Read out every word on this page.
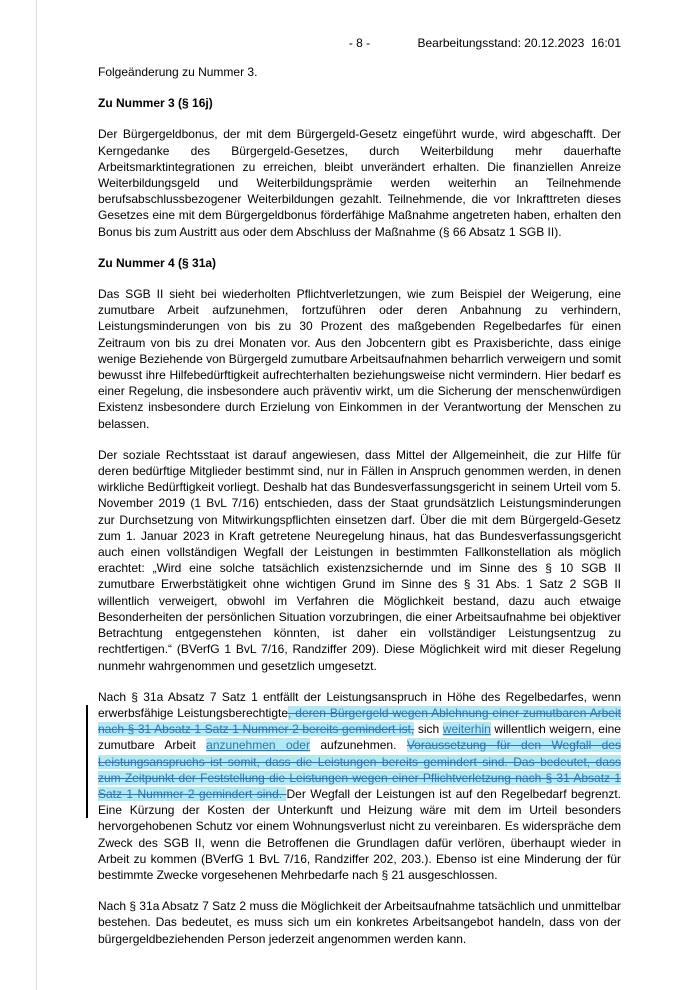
- 8 -	Bearbeitungsstand: 20.12.2023  16:01
Folgeänderung zu Nummer 3.
Zu Nummer 3 (§ 16j)
Der Bürgergeldbonus, der mit dem Bürgergeld-Gesetz eingeführt wurde, wird abgeschafft. Der Kerngedanke des Bürgergeld-Gesetzes, durch Weiterbildung mehr dauerhafte Arbeitsmarktintegrationen zu erreichen, bleibt unverändert erhalten. Die finanziellen Anreize Weiterbildungsgeld und Weiterbildungsprämie werden weiterhin an Teilnehmende berufsabschlussbezogener Weiterbildungen gezahlt. Teilnehmende, die vor Inkrafttreten dieses Gesetzes eine mit dem Bürgergeldbonus förderfähige Maßnahme angetreten haben, erhalten den Bonus bis zum Austritt aus oder dem Abschluss der Maßnahme (§ 66 Absatz 1 SGB II).
Zu Nummer 4 (§ 31a)
Das SGB II sieht bei wiederholten Pflichtverletzungen, wie zum Beispiel der Weigerung, eine zumutbare Arbeit aufzunehmen, fortzuführen oder deren Anbahnung zu verhindern, Leistungsminderungen von bis zu 30 Prozent des maßgebenden Regelbedarfes für einen Zeitraum von bis zu drei Monaten vor. Aus den Jobcentern gibt es Praxisberichte, dass einige wenige Beziehende von Bürgergeld zumutbare Arbeitsaufnahmen beharrlich verweigern und somit bewusst ihre Hilfebedürftigkeit aufrechterhalten beziehungsweise nicht vermindern. Hier bedarf es einer Regelung, die insbesondere auch präventiv wirkt, um die Sicherung der menschenwürdigen Existenz insbesondere durch Erzielung von Einkommen in der Verantwortung der Menschen zu belassen.
Der soziale Rechtsstaat ist darauf angewiesen, dass Mittel der Allgemeinheit, die zur Hilfe für deren bedürftige Mitglieder bestimmt sind, nur in Fällen in Anspruch genommen werden, in denen wirkliche Bedürftigkeit vorliegt. Deshalb hat das Bundesverfassungsgericht in seinem Urteil vom 5. November 2019 (1 BvL 7/16) entschieden, dass der Staat grundsätzlich Leistungsminderungen zur Durchsetzung von Mitwirkungspflichten einsetzen darf. Über die mit dem Bürgergeld-Gesetz zum 1. Januar 2023 in Kraft getretene Neuregelung hinaus, hat das Bundesverfassungsgericht auch einen vollständigen Wegfall der Leistungen in bestimmten Fallkonstellation als möglich erachtet: „Wird eine solche tatsächlich existenzsichernde und im Sinne des § 10 SGB II zumutbare Erwerbstätigkeit ohne wichtigen Grund im Sinne des § 31 Abs. 1 Satz 2 SGB II willentlich verweigert, obwohl im Verfahren die Möglichkeit bestand, dazu auch etwaige Besonderheiten der persönlichen Situation vorzubringen, die einer Arbeitsaufnahme bei objektiver Betrachtung entgegenstehen könnten, ist daher ein vollständiger Leistungsentzug zu rechtfertigen.“ (BVerfG 1 BvL 7/16, Randziffer 209). Diese Möglichkeit wird mit dieser Regelung nunmehr wahrgenommen und gesetzlich umgesetzt.
Nach § 31a Absatz 7 Satz 1 entfällt der Leistungsanspruch in Höhe des Regelbedarfes, wenn erwerbsfähige Leistungsberechtigte, deren Bürgergeld wegen Ablehnung einer zumutbaren Arbeit nach § 31 Absatz 1 Satz 1 Nummer 2 bereits gemindert ist, sich weiterhin willentlich weigern, eine zumutbare Arbeit anzunehmen oder aufzunehmen. Voraussetzung für den Wegfall des Leistungsanspruchs ist somit, dass die Leistungen bereits gemindert sind. Das bedeutet, dass zum Zeitpunkt der Feststellung die Leistungen wegen einer Pflichtverletzung nach § 31 Absatz 1 Satz 1 Nummer 2 gemindert sind. Der Wegfall der Leistungen ist auf den Regelbedarf begrenzt. Eine Kürzung der Kosten der Unterkunft und Heizung wäre mit dem im Urteil besonders hervorgehobenen Schutz vor einem Wohnungsverlust nicht zu vereinbaren. Es widerspräche dem Zweck des SGB II, wenn die Betroffenen die Grundlagen dafür verlören, überhaupt wieder in Arbeit zu kommen (BVerfG 1 BvL 7/16, Randziffer 202, 203.). Ebenso ist eine Minderung der für bestimmte Zwecke vorgesehenen Mehrbedarfe nach § 21 ausgeschlossen.
Nach § 31a Absatz 7 Satz 2 muss die Möglichkeit der Arbeitsaufnahme tatsächlich und unmittelbar bestehen. Das bedeutet, es muss sich um ein konkretes Arbeitsangebot handeln, dass von der bürgergeldbeziehenden Person jederzeit angenommen werden kann.
